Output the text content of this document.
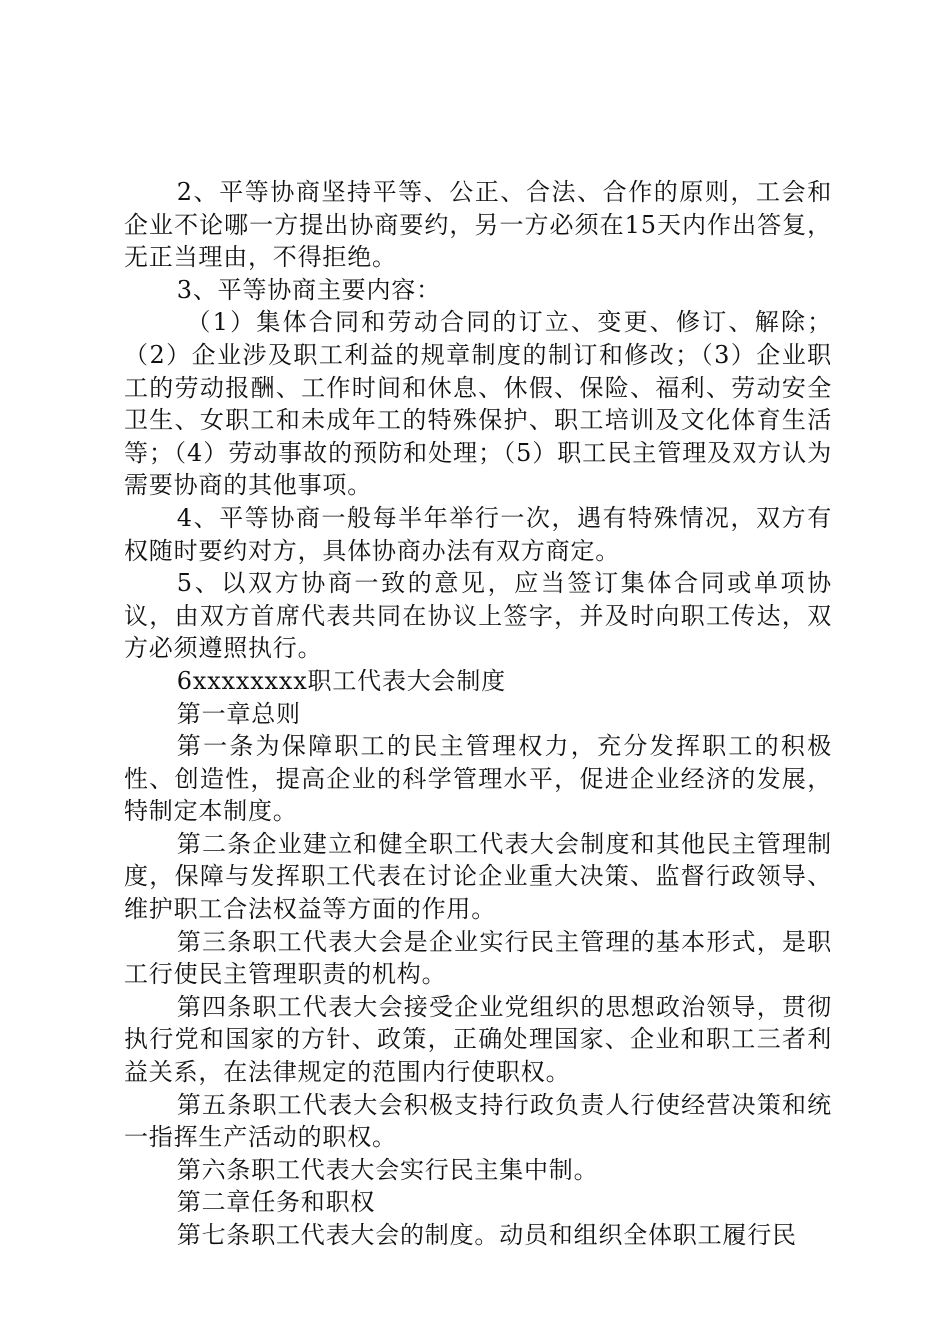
2、平等协商坚持平等、公正、合法、合作的原则，工会和企业不论哪一方提出协商要约，另一方必须在15天内作出答复，无正当理由，不得拒绝。

3、平等协商主要内容：

（1）集体合同和劳动合同的订立、变更、修订、解除；（2）企业涉及职工利益的规章制度的制订和修改；（3）企业职工的劳动报酬、工作时间和休息、休假、保险、福利、劳动安全卫生、女职工和未成年工的特殊保护、职工培训及文化体育生活等；（4）劳动事故的预防和处理；（5）职工民主管理及双方认为需要协商的其他事项。

4、平等协商一般每半年举行一次，遇有特殊情况，双方有权随时要约对方，具体协商办法有双方商定。

5、以双方协商一致的意见，应当签订集体合同或单项协议，由双方首席代表共同在协议上签字，并及时向职工传达，双方必须遵照执行。

6xxxxxxxx职工代表大会制度

第一章总则

第一条为保障职工的民主管理权力，充分发挥职工的积极性、创造性，提高企业的科学管理水平，促进企业经济的发展，特制定本制度。

第二条企业建立和健全职工代表大会制度和其他民主管理制度，保障与发挥职工代表在讨论企业重大决策、监督行政领导、维护职工合法权益等方面的作用。

第三条职工代表大会是企业实行民主管理的基本形式，是职工行使民主管理职责的机构。

第四条职工代表大会接受企业党组织的思想政治领导，贯彻执行党和国家的方针、政策，正确处理国家、企业和职工三者利益关系，在法律规定的范围内行使职权。

第五条职工代表大会积极支持行政负责人行使经营决策和统一指挥生产活动的职权。

第六条职工代表大会实行民主集中制。

第二章任务和职权

第七条职工代表大会的制度。动员和组织全体职工履行民
